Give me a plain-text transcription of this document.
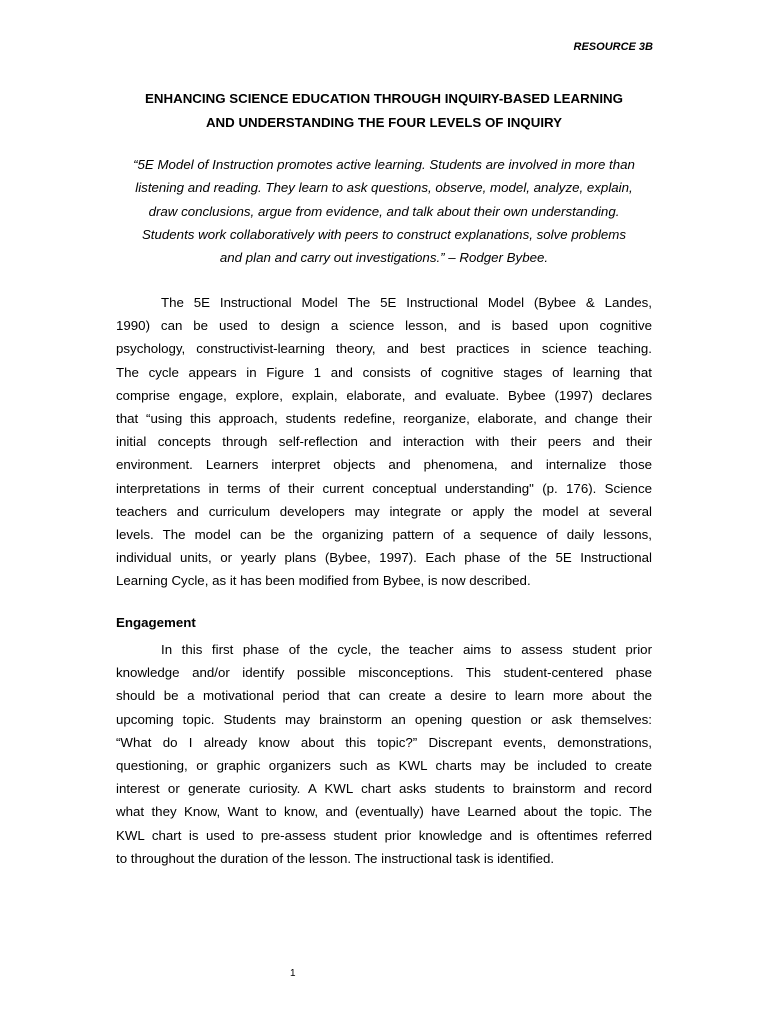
RESOURCE 3B
ENHANCING SCIENCE EDUCATION THROUGH INQUIRY-BASED LEARNING
AND UNDERSTANDING THE FOUR LEVELS OF INQUIRY
“5E Model of Instruction promotes active learning. Students are involved in more than
listening and reading. They learn to ask questions, observe, model, analyze, explain,
draw conclusions, argue from evidence, and talk about their own understanding.
Students work collaboratively with peers to construct explanations, solve problems
and plan and carry out investigations.” – Rodger Bybee.
The 5E Instructional Model The 5E Instructional Model (Bybee & Landes,
1990) can be used to design a science lesson, and is based upon cognitive
psychology, constructivist-learning theory, and best practices in science teaching.
The cycle appears in Figure 1 and consists of cognitive stages of learning that
comprise engage, explore, explain, elaborate, and evaluate. Bybee (1997) declares
that “using this approach, students redefine, reorganize, elaborate, and change their
initial concepts through self-reflection and interaction with their peers and their
environment. Learners interpret objects and phenomena, and internalize those
interpretations in terms of their current conceptual understanding" (p. 176). Science
teachers and curriculum developers may integrate or apply the model at several
levels. The model can be the organizing pattern of a sequence of daily lessons,
individual units, or yearly plans (Bybee, 1997). Each phase of the 5E Instructional
Learning Cycle, as it has been modified from Bybee, is now described.
Engagement
In this first phase of the cycle, the teacher aims to assess student prior
knowledge and/or identify possible misconceptions. This student-centered phase
should be a motivational period that can create a desire to learn more about the
upcoming topic. Students may brainstorm an opening question or ask themselves:
“What do I already know about this topic?” Discrepant events, demonstrations,
questioning, or graphic organizers such as KWL charts may be included to create
interest or generate curiosity. A KWL chart asks students to brainstorm and record
what they Know, Want to know, and (eventually) have Learned about the topic. The
KWL chart is used to pre-assess student prior knowledge and is oftentimes referred
to throughout the duration of the lesson. The instructional task is identified.
1
